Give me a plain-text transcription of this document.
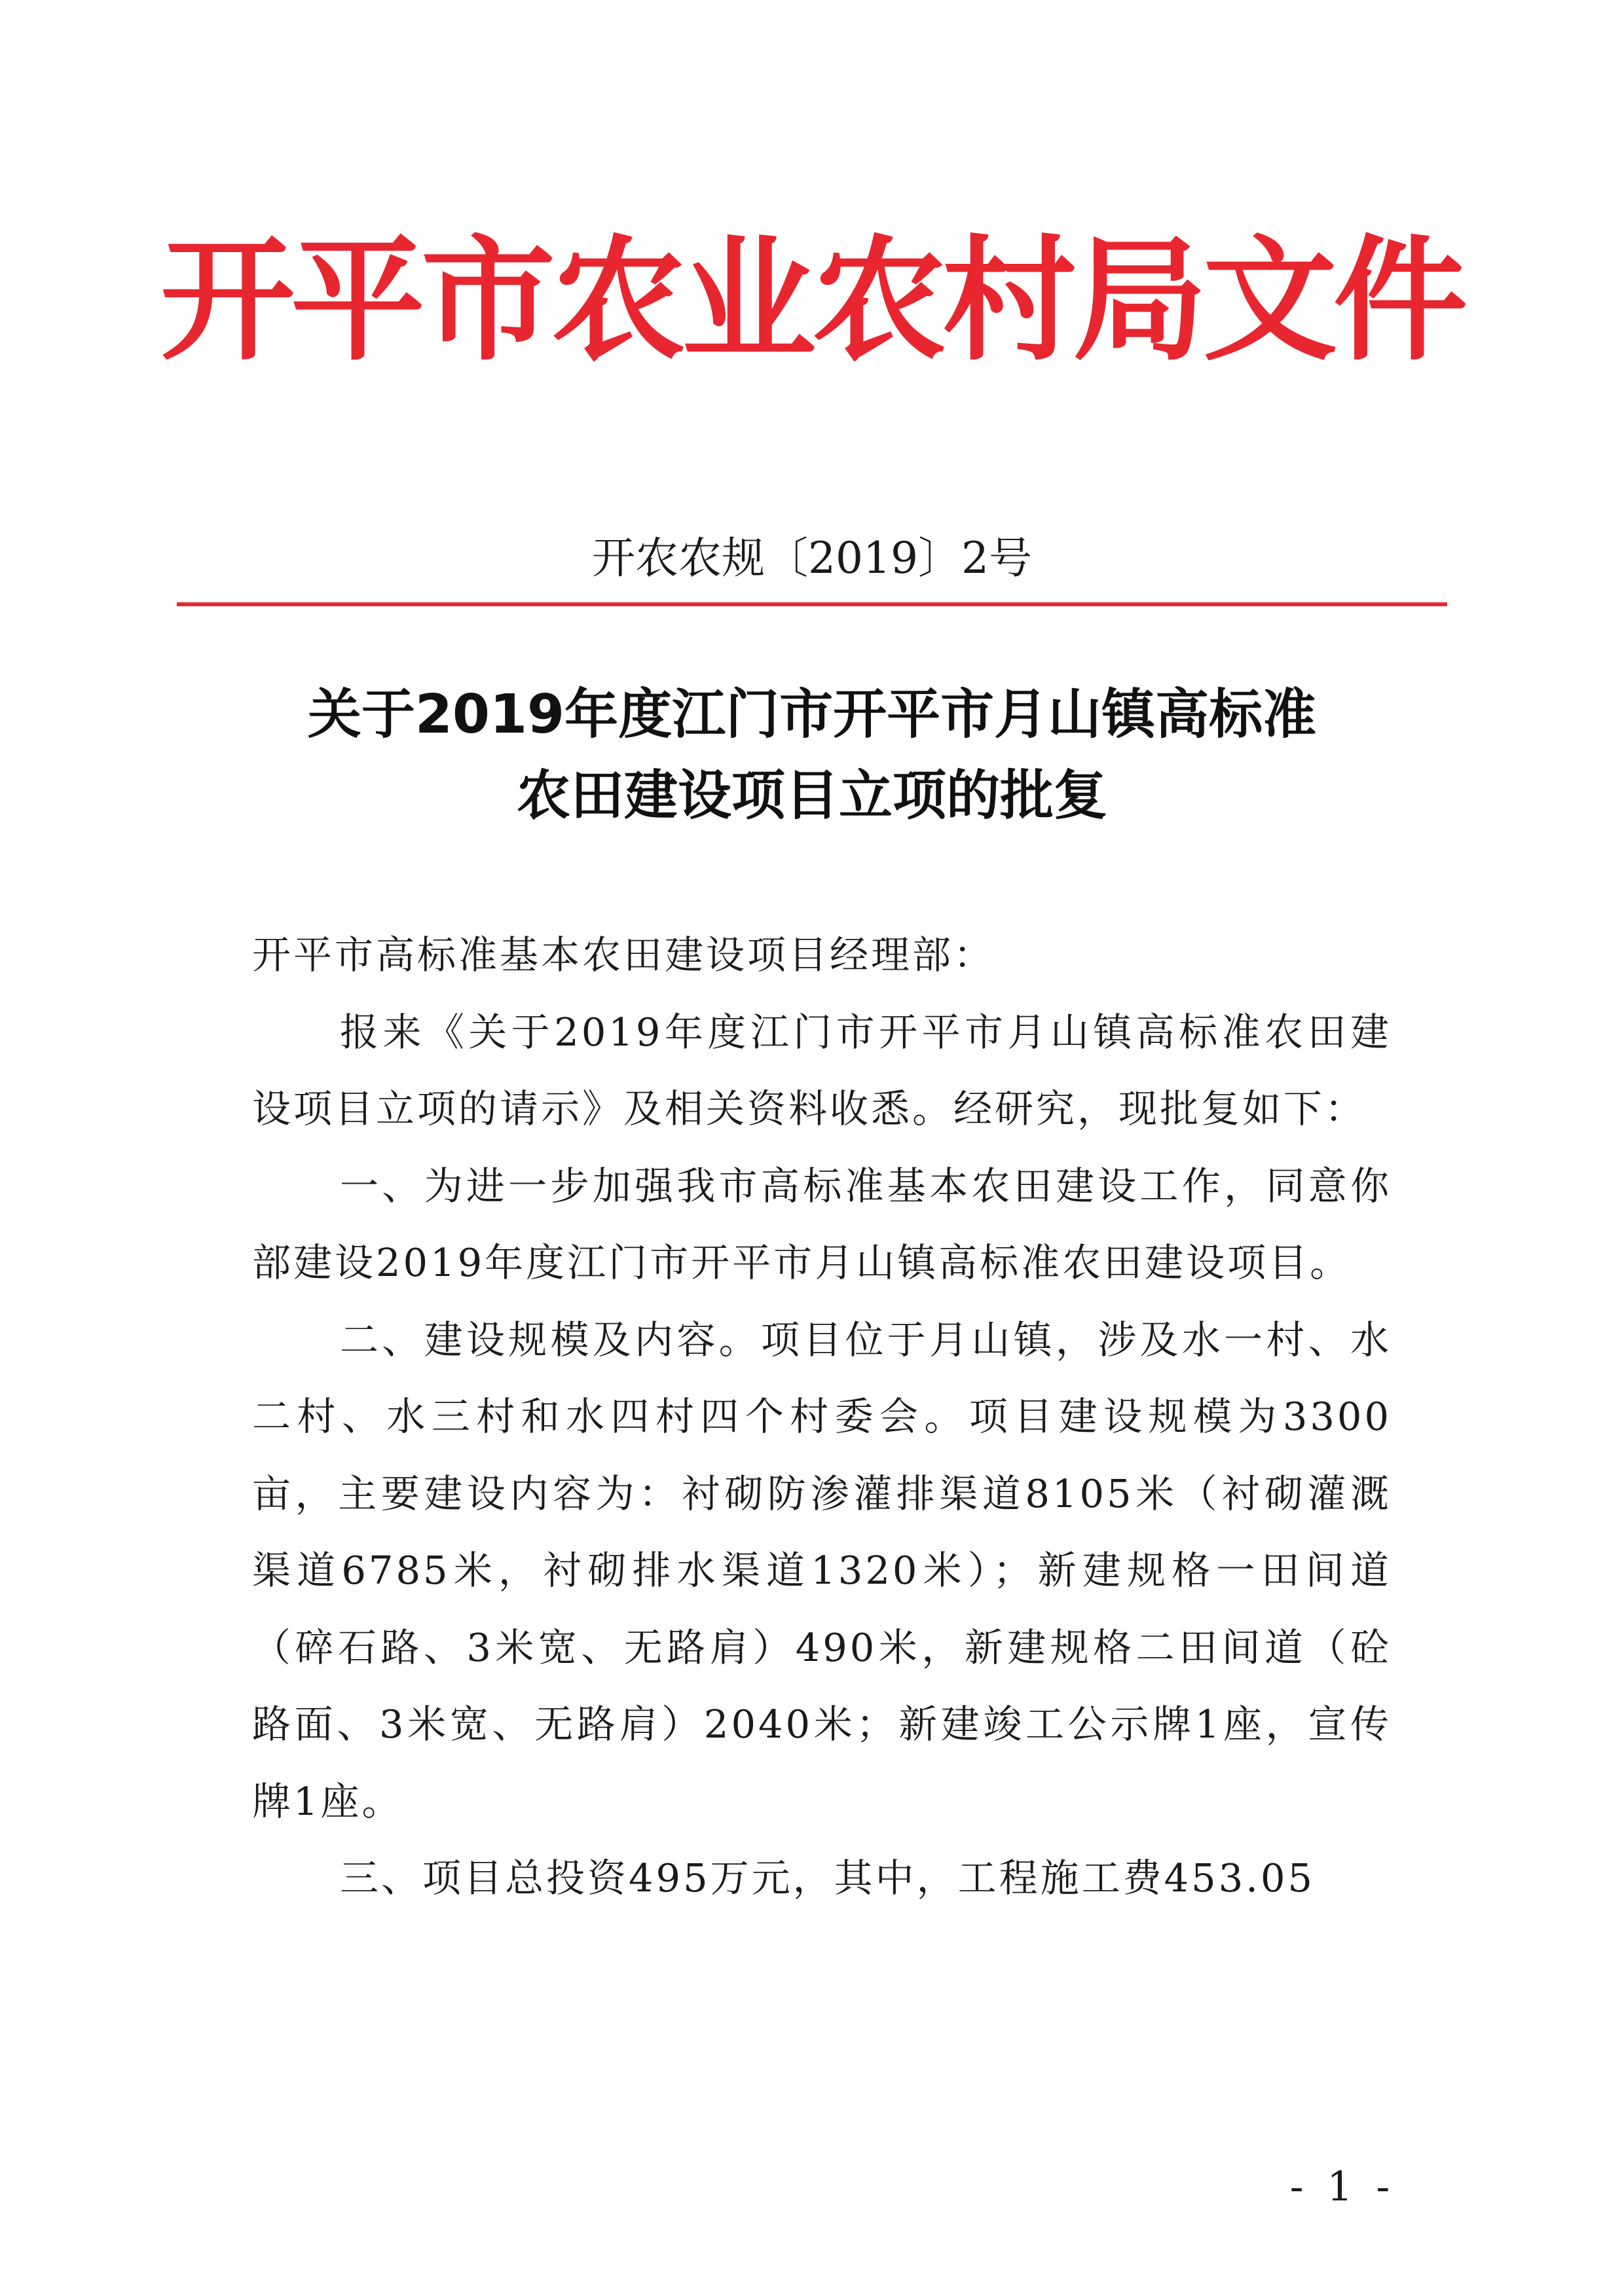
开平市农业农村局文件
开农农规〔2019〕2号
关于2019年度江门市开平市月山镇高标准
农田建设项目立项的批复

开平市高标准基本农田建设项目经理部：

报来《关于2019年度江门市开平市月山镇高标准农田建设项目立项的请示》及相关资料收悉。经研究，现批复如下：

一、为进一步加强我市高标准基本农田建设工作，同意你部建设2019年度江门市开平市月山镇高标准农田建设项目。

二、建设规模及内容。项目位于月山镇，涉及水一村、水二村、水三村和水四村四个村委会。项目建设规模为3300亩，主要建设内容为：衬砌防渗灌排渠道8105米（衬砌灌溉渠道6785米，衬砌排水渠道1320米）；新建规格一田间道（碎石路、3米宽、无路肩）490米，新建规格二田间道（砼路面、3米宽、无路肩）2040米；新建竣工公示牌1座，宣传牌1座。

三、项目总投资495万元，其中，工程施工费453.05

- 1 -
